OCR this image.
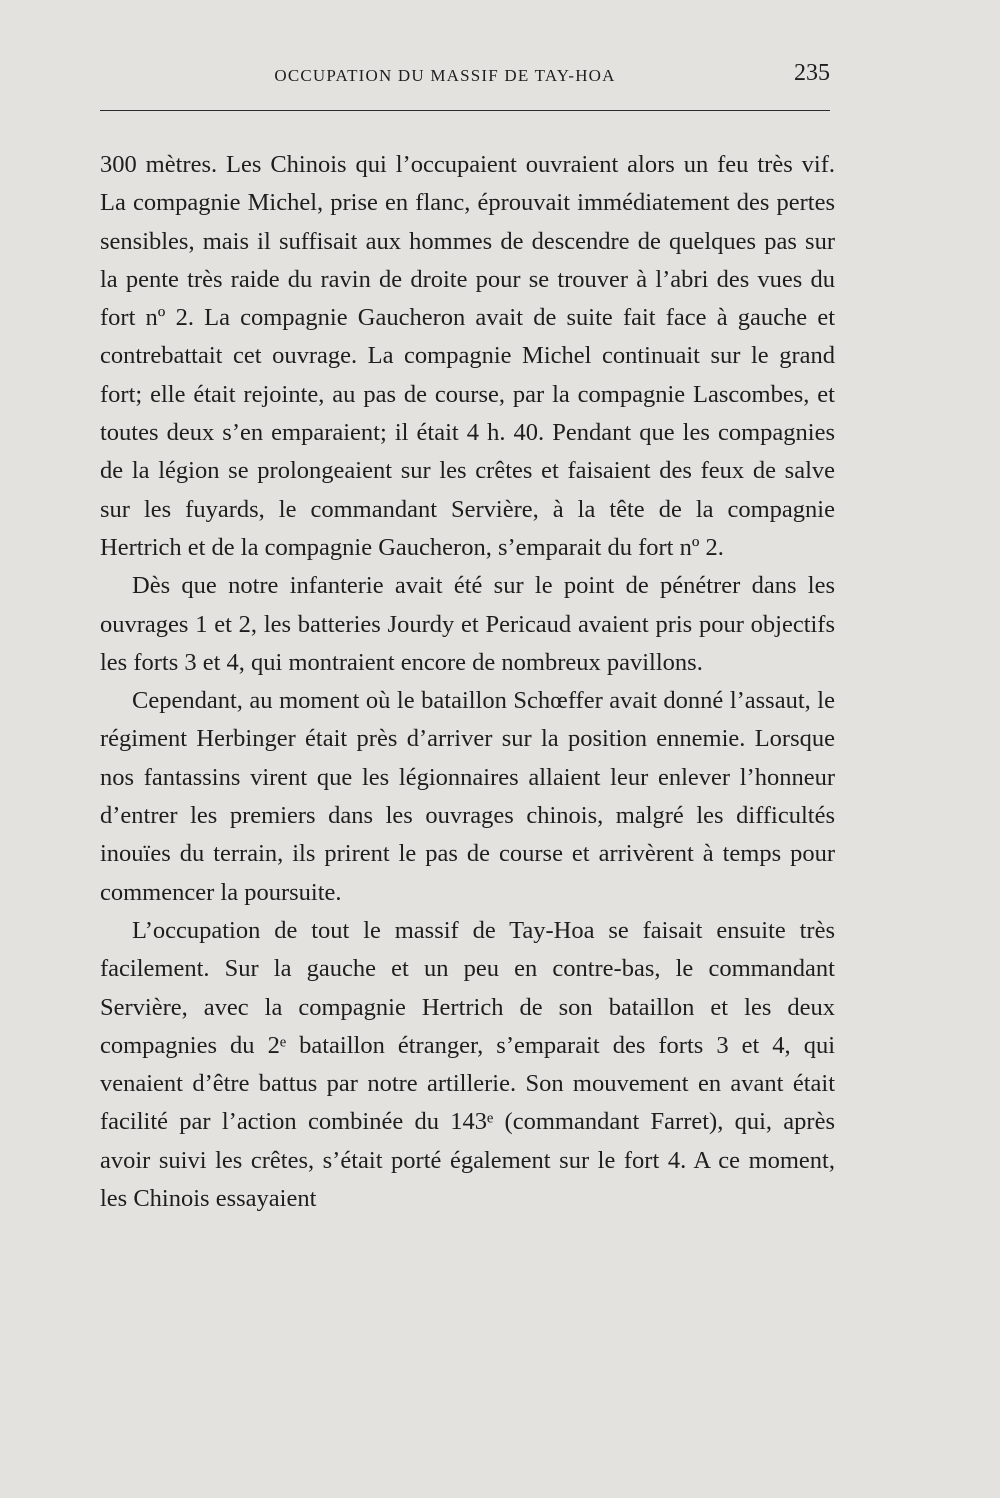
OCCUPATION DU MASSIF DE TAY-HOA	235

300 mètres. Les Chinois qui l’occupaient ouvraient alors un feu très vif. La compagnie Michel, prise en flanc, éprouvait immédiatement des pertes sensibles, mais il suffisait aux hommes de descendre de quelques pas sur la pente très raide du ravin de droite pour se trouver à l’abri des vues du fort nº 2. La compagnie Gaucheron avait de suite fait face à gauche et contrebattait cet ouvrage. La compagnie Michel continuait sur le grand fort; elle était rejointe, au pas de course, par la compagnie Lascombes, et toutes deux s’en emparaient; il était 4 h. 40. Pendant que les compagnies de la légion se prolongeaient sur les crêtes et faisaient des feux de salve sur les fuyards, le commandant Servière, à la tête de la compagnie Hertrich et de la compagnie Gaucheron, s’emparait du fort nº 2.

Dès que notre infanterie avait été sur le point de pénétrer dans les ouvrages 1 et 2, les batteries Jourdy et Pericaud avaient pris pour objectifs les forts 3 et 4, qui montraient encore de nombreux pavillons.

Cependant, au moment où le bataillon Schœffer avait donné l’assaut, le régiment Herbinger était près d’arriver sur la position ennemie. Lorsque nos fantassins virent que les légionnaires allaient leur enlever l’honneur d’entrer les premiers dans les ouvrages chinois, malgré les difficultés inouïes du terrain, ils prirent le pas de course et arrivèrent à temps pour commencer la poursuite.

L’occupation de tout le massif de Tay-Hoa se faisait ensuite très facilement. Sur la gauche et un peu en contre-bas, le commandant Servière, avec la compagnie Hertrich de son bataillon et les deux compagnies du 2ᵉ bataillon étranger, s’emparait des forts 3 et 4, qui venaient d’être battus par notre artillerie. Son mouvement en avant était facilité par l’action combinée du 143ᵉ (commandant Farret), qui, après avoir suivi les crêtes, s’était porté également sur le fort 4. A ce moment, les Chinois essayaient
